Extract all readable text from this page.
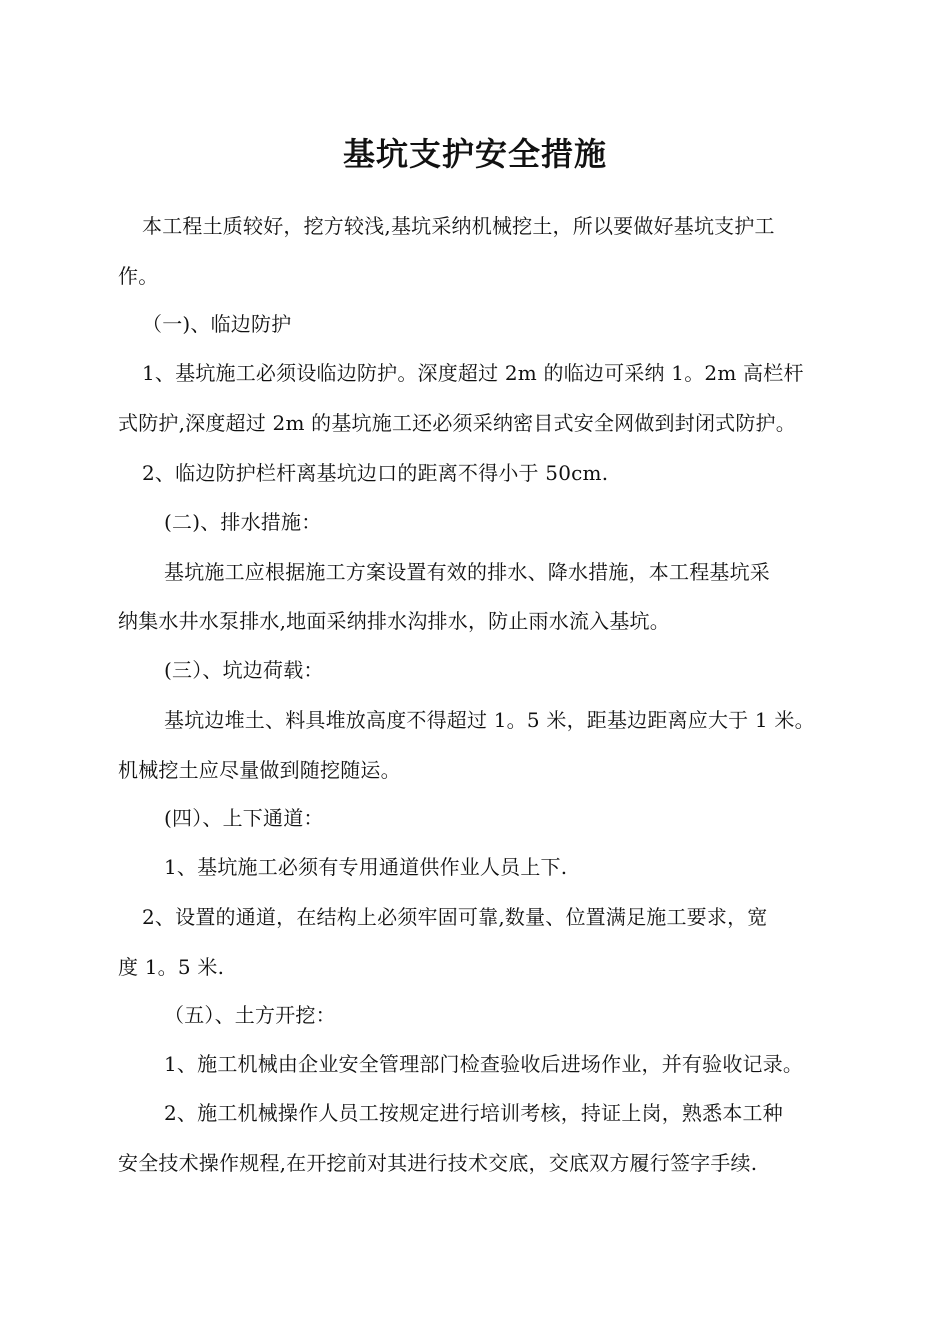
基坑支护安全措施
本工程土质较好，挖方较浅,基坑采纳机械挖土，所以要做好基坑支护工
作。
（一)、临边防护
1、基坑施工必须设临边防护。深度超过 2m 的临边可采纳 1。2m 高栏杆
式防护,深度超过 2m 的基坑施工还必须采纳密目式安全网做到封闭式防护。
2、临边防护栏杆离基坑边口的距离不得小于 50cm.
(二)、排水措施：
基坑施工应根据施工方案设置有效的排水、降水措施，本工程基坑采
纳集水井水泵排水,地面采纳排水沟排水，防止雨水流入基坑。
(三）、坑边荷载：
基坑边堆土、料具堆放高度不得超过 1。5 米，距基边距离应大于 1 米。
机械挖土应尽量做到随挖随运。
(四）、上下通道：
1、基坑施工必须有专用通道供作业人员上下.
2、设置的通道，在结构上必须牢固可靠,数量、位置满足施工要求，宽
度 1。5 米.
（五）、土方开挖：
1、施工机械由企业安全管理部门检查验收后进场作业，并有验收记录。
2、施工机械操作人员工按规定进行培训考核，持证上岗，熟悉本工种
安全技术操作规程,在开挖前对其进行技术交底，交底双方履行签字手续.
